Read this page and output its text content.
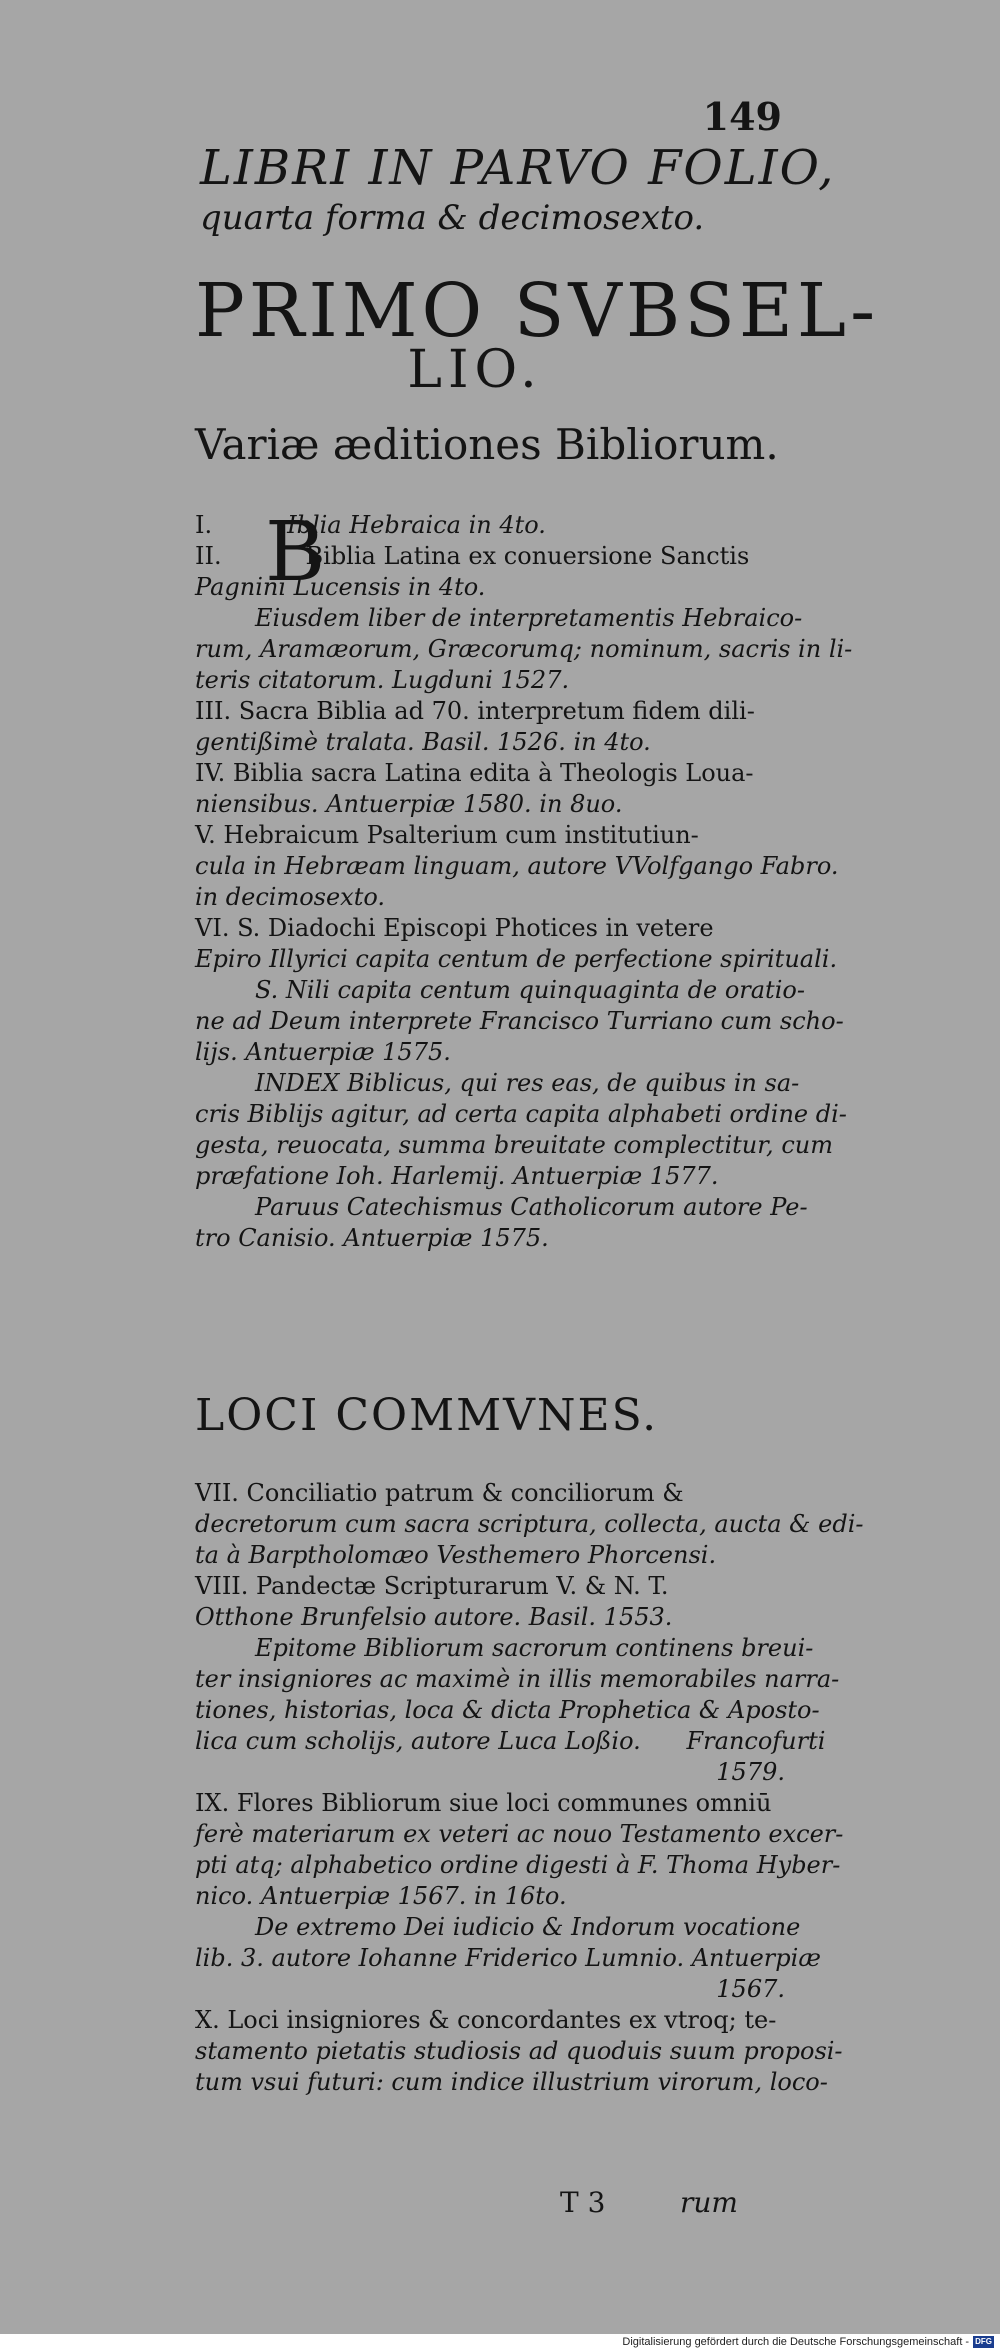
149
LIBRI IN PARVO FOLIO,
quarta forma & decimosexto.
PRIMO SVBSEL-
LIO.
Variæ æditiones Bibliorum.
B
I.	Iblia Hebraica in 4to.
II.           Biblia Latina ex conuersione Sanctis
Pagnini Lucensis in 4to.
Eiusdem liber de interpretamentis Hebraico-
rum, Aramæorum, Græcorumq; nominum, sacris in li-
teris citatorum. Lugduni 1527.
III. Sacra Biblia ad 70. interpretum fidem dili-
gentißimè tralata. Basil. 1526. in 4to.
IV. Biblia sacra Latina edita à Theologis Loua-
niensibus. Antuerpiæ 1580. in 8uo.
V. Hebraicum Psalterium cum institutiun-
cula in Hebræam linguam, autore VVolfgango Fabro.
in decimosexto.
VI. S. Diadochi Episcopi Photices in vetere
Epiro Illyrici capita centum de perfectione spirituali.
S. Nili capita centum quinquaginta de oratio-
ne ad Deum interprete Francisco Turriano cum scho-
lijs. Antuerpiæ 1575.
INDEX Biblicus, qui res eas, de quibus in sa-
cris Biblijs agitur, ad certa capita alphabeti ordine di-
gesta, reuocata, summa breuitate complectitur, cum
præfatione Ioh. Harlemij. Antuerpiæ 1577.
Paruus Catechismus Catholicorum autore Pe-
tro Canisio. Antuerpiæ 1575.
LOCI COMMVNES.
VII. Conciliatio patrum & conciliorum &
decretorum cum sacra scriptura, collecta, aucta & edi-
ta à Barptholomæo Vesthemero Phorcensi.
VIII. Pandectæ Scripturarum V. & N. T.
Otthone Brunfelsio autore. Basil. 1553.
Epitome Bibliorum sacrorum continens breui-
ter insigniores ac maximè in illis memorabiles narra-
tiones, historias, loca & dicta Prophetica & Aposto-
lica cum scholijs, autore Luca Loßio.      Francofurti
1579.
IX. Flores Bibliorum siue loci communes omniū
ferè materiarum ex veteri ac nouo Testamento excer-
pti atq; alphabetico ordine digesti à F. Thoma Hyber-
nico. Antuerpiæ 1567. in 16to.
De extremo Dei iudicio & Indorum vocatione
lib. 3. autore Iohanne Friderico Lumnio. Antuerpiæ
1567.
X. Loci insigniores & concordantes ex vtroq; te-
stamento pietatis studiosis ad quoduis suum proposi-
tum vsui futuri: cum indice illustrium virorum, loco-
T 3	rum
Digitalisierung gefördert durch die Deutsche Forschungsgemeinschaft - DFG
